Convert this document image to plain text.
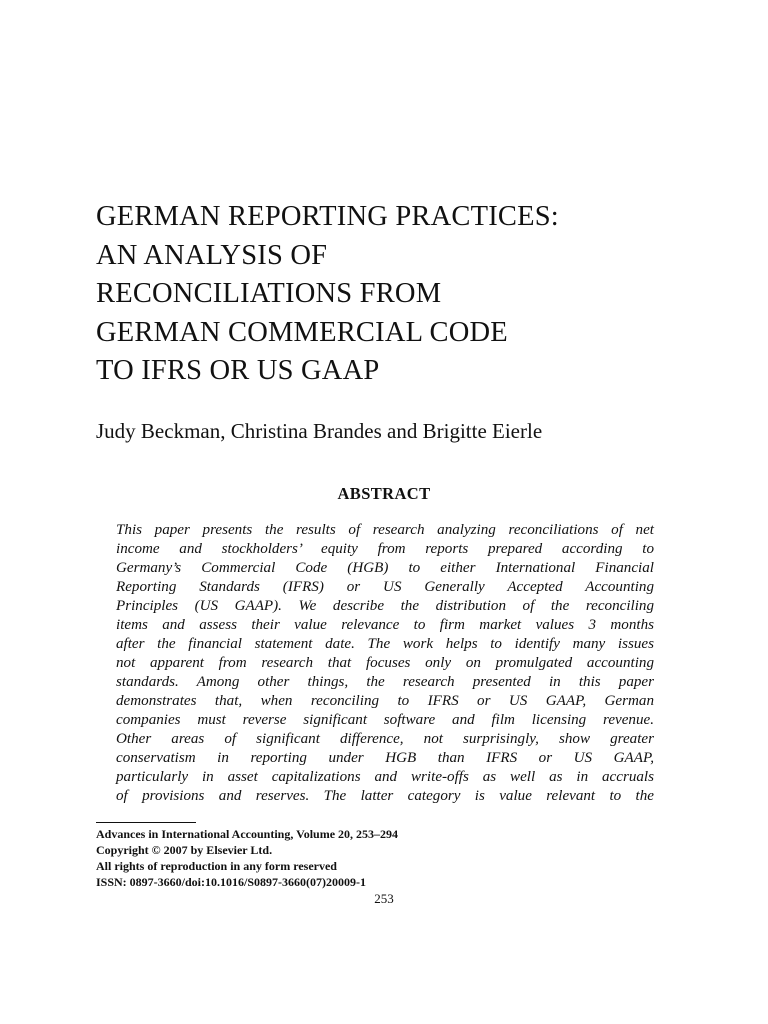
GERMAN REPORTING PRACTICES:
AN ANALYSIS OF
RECONCILIATIONS FROM
GERMAN COMMERCIAL CODE
TO IFRS OR US GAAP
Judy Beckman, Christina Brandes and Brigitte Eierle
ABSTRACT
This paper presents the results of research analyzing reconciliations of net
income and stockholders’ equity from reports prepared according to
Germany’s Commercial Code (HGB) to either International Financial
Reporting Standards (IFRS) or US Generally Accepted Accounting
Principles (US GAAP). We describe the distribution of the reconciling
items and assess their value relevance to firm market values 3 months
after the financial statement date. The work helps to identify many issues
not apparent from research that focuses only on promulgated accounting
standards. Among other things, the research presented in this paper
demonstrates that, when reconciling to IFRS or US GAAP, German
companies must reverse significant software and film licensing revenue.
Other areas of significant difference, not surprisingly, show greater
conservatism in reporting under HGB than IFRS or US GAAP,
particularly in asset capitalizations and write-offs as well as in accruals
of provisions and reserves. The latter category is value relevant to the
Advances in International Accounting, Volume 20, 253–294
Copyright © 2007 by Elsevier Ltd.
All rights of reproduction in any form reserved
ISSN: 0897-3660/doi:10.1016/S0897-3660(07)20009-1
253
